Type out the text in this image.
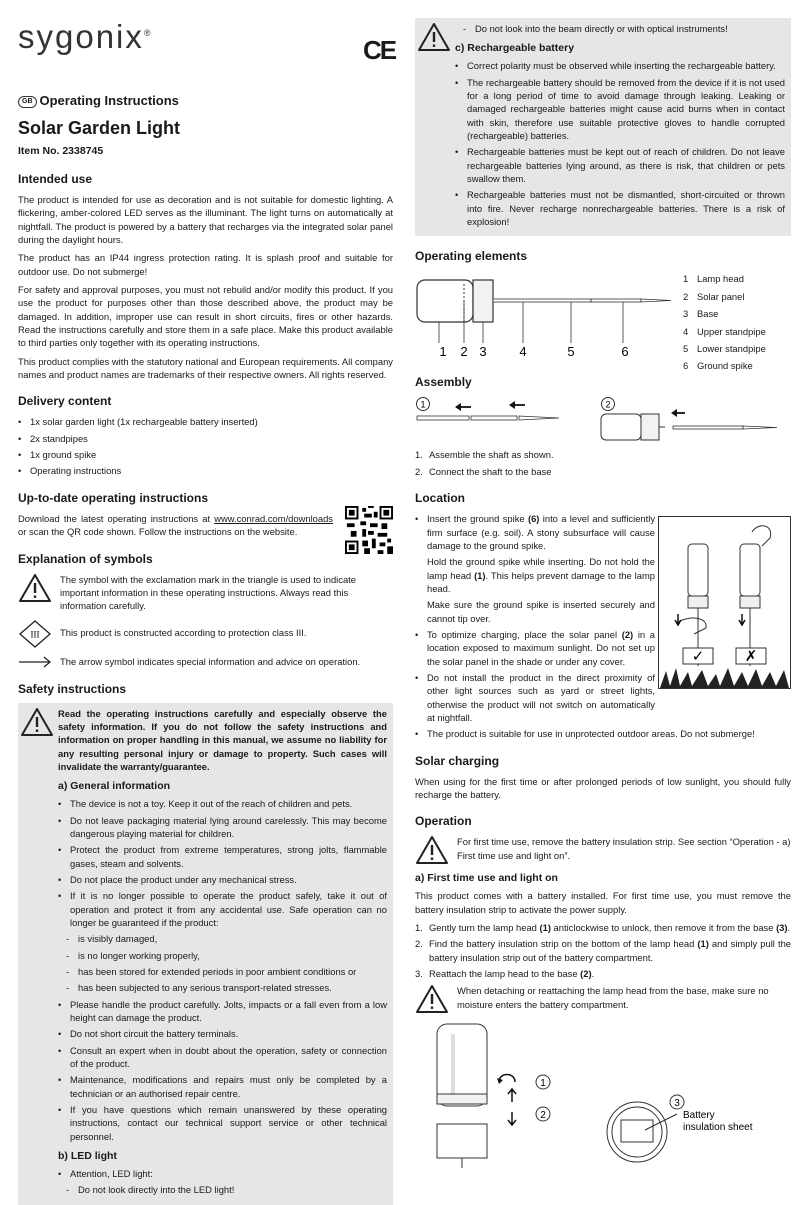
sygonix®
CE
GB Operating Instructions
Solar Garden Light
Item No. 2338745
Intended use

The product is intended for use as decoration and is not suitable for domestic lighting. A flickering, amber-colored LED serves as the illuminant. The light turns on automatically at nightfall. The product is powered by a battery that recharges via the integrated solar panel during the daylight hours.

The product has an IP44 ingress protection rating. It is splash proof and suitable for outdoor use. Do not submerge!

For safety and approval purposes, you must not rebuild and/or modify this product. If you use the product for purposes other than those described above, the product may be damaged. In addition, improper use can result in short circuits, fires or other hazards. Read the instructions carefully and store them in a safe place. Make this product available to third parties only together with its operating instructions.

This product complies with the statutory national and European requirements. All company names and product names are trademarks of their respective owners. All rights reserved.

Delivery content
• 1x solar garden light (1x rechargeable battery inserted)
• 2x standpipes
• 1x ground spike
• Operating instructions
Up-to-date operating instructions

Download the latest operating instructions at www.conrad.com/downloads or scan the QR code shown. Follow the instructions on the website.

Explanation of symbols
The symbol with the exclamation mark in the triangle is used to indicate important information in these operating instructions. Always read this information carefully.
III This product is constructed according to protection class III.
The arrow symbol indicates special information and advice on operation.
Safety instructions

Read the operating instructions carefully and especially observe the safety information. If you do not follow the safety instructions and information on proper handling in this manual, we assume no liability for any resulting personal injury or damage to property. Such cases will invalidate the warranty/guarantee.

a) General information
• The device is not a toy. Keep it out of the reach of children and pets.
• Do not leave packaging material lying around carelessly. This may become dangerous playing material for children.
• Protect the product from extreme temperatures, strong jolts, flammable gases, steam and solvents.
• Do not place the product under any mechanical stress.
• If it is no longer possible to operate the product safely, take it out of operation and protect it from any accidental use. Safe operation can no longer be guaranteed if the product:
- is visibly damaged,
- is no longer working properly,
- has been stored for extended periods in poor ambient conditions or
- has been subjected to any serious transport-related stresses.
• Please handle the product carefully. Jolts, impacts or a fall even from a low height can damage the product.
• Do not short circuit the battery terminals.
• Consult an expert when in doubt about the operation, safety or connection of the product.
• Maintenance, modifications and repairs must only be completed by a technician or an authorised repair centre.
• If you have questions which remain unanswered by these operating instructions, contact our technical support service or other technical personnel.
b) LED light
• Attention, LED light:
- Do not look directly into the LED light!
- Do not look into the beam directly or with optical instruments!
c) Rechargeable battery
• Correct polarity must be observed while inserting the rechargeable battery.
• The rechargeable battery should be removed from the device if it is not used for a long period of time to avoid damage through leaking. Leaking or damaged rechargeable batteries might cause acid burns when in contact with skin, therefore use suitable protective gloves to handle corrupted (rechargeable) batteries.
• Rechargeable batteries must be kept out of reach of children. Do not leave rechargeable batteries lying around, as there is risk, that children or pets swallow them.
• Rechargeable batteries must not be dismantled, short-circuited or thrown into fire. Never recharge nonrechargeable batteries. There is a risk of explosion!
Operating elements
1 2 3	4	5	6
1 Lamp head
2 Solar panel
3 Base
4 Upper standpipe
5 Lower standpipe
6 Ground spike
Assembly
1	2
1. Assemble the shaft as shown.
2. Connect the shaft to the base
Location
✓	✗
• Insert the ground spike (6) into a level and sufficiently firm surface (e.g. soil). A stony subsurface will cause damage to the ground spike.
Hold the ground spike while inserting. Do not hold the lamp head (1). This helps prevent damage to the lamp head.
Make sure the ground spike is inserted securely and cannot tip over.
• To optimize charging, place the solar panel (2) in a location exposed to maximum sunlight. Do not set up the solar panel in the shade or under any cover.
• Do not install the product in the direct proximity of other light sources such as yard or street lights, otherwise the product will not switch on automatically at nightfall.
• The product is suitable for use in unprotected outdoor areas. Do not submerge!
Solar charging

When using for the first time or after prolonged periods of low sunlight, you should fully recharge the battery.

Operation
For first time use, remove the battery insulation strip. See section “Operation - a) First time use and light on”.
a) First time use and light on

This product comes with a battery installed. For first time use, you must remove the battery insulation strip to activate the power supply.

1. Gently turn the lamp head (1) anticlockwise to unlock, then remove it from the base (3).
2. Find the battery insulation strip on the bottom of the lamp head (1) and simply pull the battery insulation strip out of the battery compartment.
3. Reattach the lamp head to the base (2).
When detaching or reattaching the lamp head from the base, make sure no moisture enters the battery compartment.
1
2
3
Battery
insulation sheet
